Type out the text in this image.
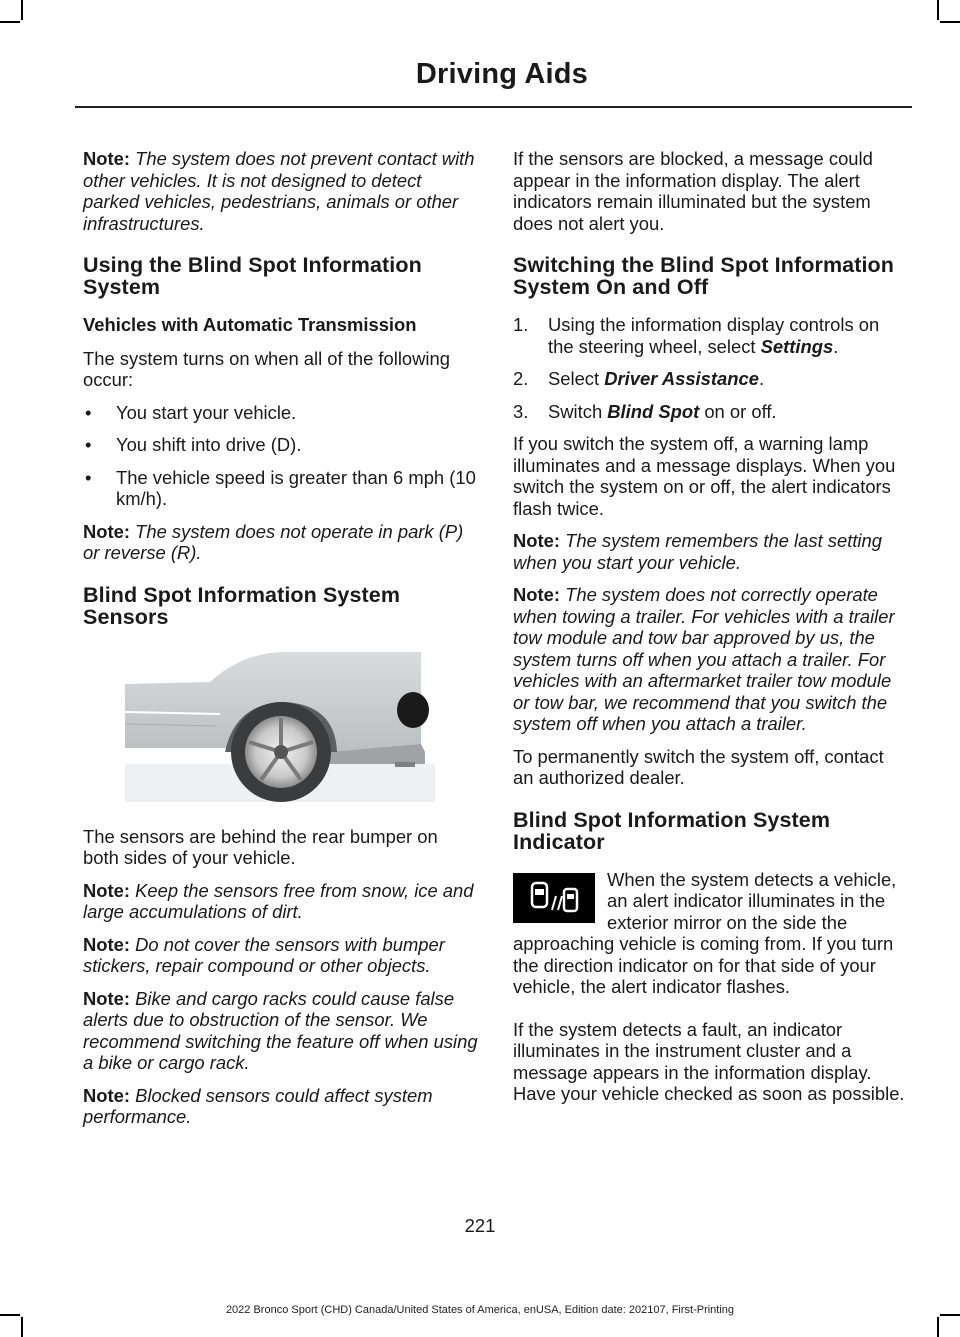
Driving Aids

Note: The system does not prevent contact with other vehicles. It is not designed to detect parked vehicles, pedestrians, animals or other infrastructures.

Using the Blind Spot Information System
Vehicles with Automatic Transmission

The system turns on when all of the following occur:

• You start your vehicle.
• You shift into drive (D).
• The vehicle speed is greater than 6 mph (10 km/h).

Note: The system does not operate in park (P) or reverse (R).

Blind Spot Information System Sensors

The sensors are behind the rear bumper on both sides of your vehicle.

Note: Keep the sensors free from snow, ice and large accumulations of dirt.

Note: Do not cover the sensors with bumper stickers, repair compound or other objects.

Note: Bike and cargo racks could cause false alerts due to obstruction of the sensor. We recommend switching the feature off when using a bike or cargo rack.

Note: Blocked sensors could affect system performance.

If the sensors are blocked, a message could appear in the information display. The alert indicators remain illuminated but the system does not alert you.

Switching the Blind Spot Information System On and Off
1. Using the information display controls on the steering wheel, select Settings.
2. Select Driver Assistance.
3. Switch Blind Spot on or off.

If you switch the system off, a warning lamp illuminates and a message displays. When you switch the system on or off, the alert indicators flash twice.

Note: The system remembers the last setting when you start your vehicle.

Note: The system does not correctly operate when towing a trailer. For vehicles with a trailer tow module and tow bar approved by us, the system turns off when you attach a trailer. For vehicles with an aftermarket trailer tow module or tow bar, we recommend that you switch the system off when you attach a trailer.

To permanently switch the system off, contact an authorized dealer.

Blind Spot Information System Indicator

When the system detects a vehicle, an alert indicator illuminates in the exterior mirror on the side the approaching vehicle is coming from. If you turn the direction indicator on for that side of your vehicle, the alert indicator flashes.

If the system detects a fault, an indicator illuminates in the instrument cluster and a message appears in the information display. Have your vehicle checked as soon as possible.

221
2022 Bronco Sport (CHD) Canada/United States of America, enUSA, Edition date: 202107, First-Printing
